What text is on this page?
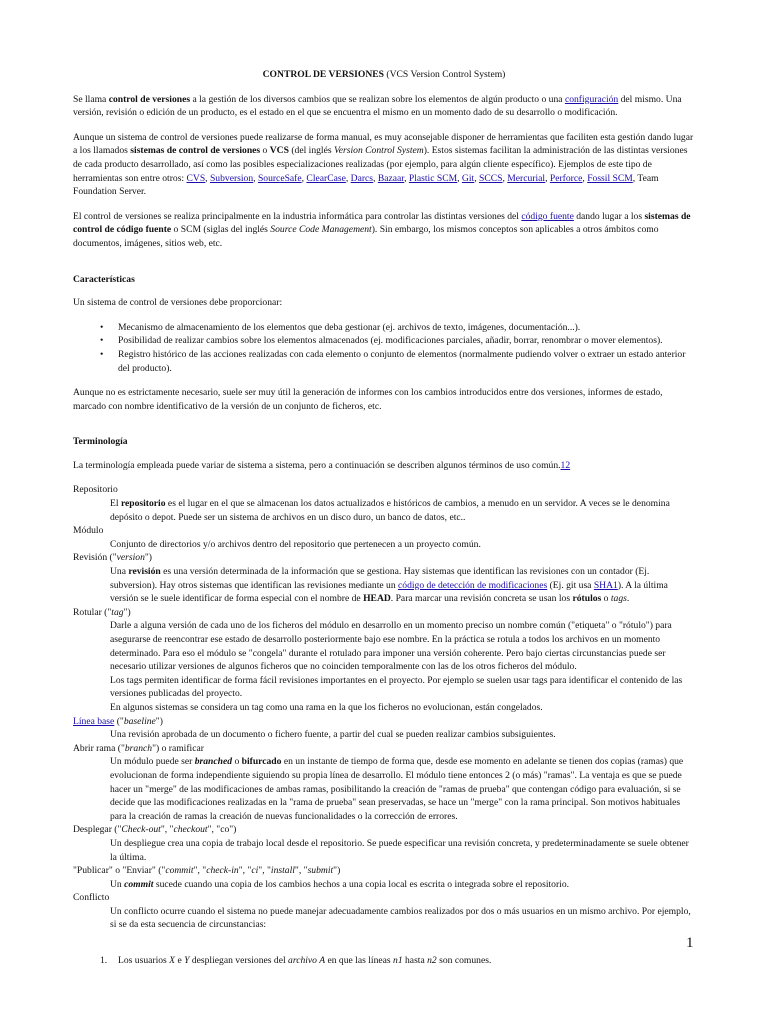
CONTROL DE VERSIONES (VCS Version Control System)

Se llama control de versiones a la gestión de los diversos cambios que se realizan sobre los elementos de algún producto o una configuración del mismo. Una versión, revisión o edición de un producto, es el estado en el que se encuentra el mismo en un momento dado de su desarrollo o modificación.

Aunque un sistema de control de versiones puede realizarse de forma manual, es muy aconsejable disponer de herramientas que faciliten esta gestión dando lugar a los llamados sistemas de control de versiones o VCS (del inglés Version Control System). Estos sistemas facilitan la administración de las distintas versiones de cada producto desarrollado, así como las posibles especializaciones realizadas (por ejemplo, para algún cliente específico). Ejemplos de este tipo de herramientas son entre otros: CVS, Subversion, SourceSafe, ClearCase, Darcs, Bazaar, Plastic SCM, Git, SCCS, Mercurial, Perforce, Fossil SCM, Team Foundation Server.

El control de versiones se realiza principalmente en la industria informática para controlar las distintas versiones del código fuente dando lugar a los sistemas de control de código fuente o SCM (siglas del inglés Source Code Management). Sin embargo, los mismos conceptos son aplicables a otros ámbitos como documentos, imágenes, sitios web, etc.

Características

Un sistema de control de versiones debe proporcionar:

• Mecanismo de almacenamiento de los elementos que deba gestionar (ej. archivos de texto, imágenes, documentación...).
• Posibilidad de realizar cambios sobre los elementos almacenados (ej. modificaciones parciales, añadir, borrar, renombrar o mover elementos).
• Registro histórico de las acciones realizadas con cada elemento o conjunto de elementos (normalmente pudiendo volver o extraer un estado anterior del producto).

Aunque no es estrictamente necesario, suele ser muy útil la generación de informes con los cambios introducidos entre dos versiones, informes de estado, marcado con nombre identificativo de la versión de un conjunto de ficheros, etc.

Terminología

La terminología empleada puede variar de sistema a sistema, pero a continuación se describen algunos términos de uso común.12

Repositorio
El repositorio es el lugar en el que se almacenan los datos actualizados e históricos de cambios, a menudo en un servidor. A veces se le denomina depósito o depot. Puede ser un sistema de archivos en un disco duro, un banco de datos, etc..
Módulo
Conjunto de directorios y/o archivos dentro del repositorio que pertenecen a un proyecto común.
Revisión ("version")
Una revisión es una versión determinada de la información que se gestiona. Hay sistemas que identifican las revisiones con un contador (Ej. subversion). Hay otros sistemas que identifican las revisiones mediante un código de detección de modificaciones (Ej. git usa SHA1). A la última versión se le suele identificar de forma especial con el nombre de HEAD. Para marcar una revisión concreta se usan los rótulos o tags.
Rotular ("tag")
Darle a alguna versión de cada uno de los ficheros del módulo en desarrollo en un momento preciso un nombre común ("etiqueta" o "rótulo") para asegurarse de reencontrar ese estado de desarrollo posteriormente bajo ese nombre. En la práctica se rotula a todos los archivos en un momento determinado. Para eso el módulo se "congela" durante el rotulado para imponer una versión coherente. Pero bajo ciertas circunstancias puede ser necesario utilizar versiones de algunos ficheros que no coinciden temporalmente con las de los otros ficheros del módulo.
Los tags permiten identificar de forma fácil revisiones importantes en el proyecto. Por ejemplo se suelen usar tags para identificar el contenido de las versiones publicadas del proyecto.
En algunos sistemas se considera un tag como una rama en la que los ficheros no evolucionan, están congelados.
Línea base ("baseline")
Una revisión aprobada de un documento o fichero fuente, a partir del cual se pueden realizar cambios subsiguientes.
Abrir rama ("branch") o ramificar
Un módulo puede ser branched o bifurcado en un instante de tiempo de forma que, desde ese momento en adelante se tienen dos copias (ramas) que evolucionan de forma independiente siguiendo su propia línea de desarrollo. El módulo tiene entonces 2 (o más) "ramas". La ventaja es que se puede hacer un "merge" de las modificaciones de ambas ramas, posibilitando la creación de "ramas de prueba" que contengan código para evaluación, si se decide que las modificaciones realizadas en la "rama de prueba" sean preservadas, se hace un "merge" con la rama principal. Son motivos habituales para la creación de ramas la creación de nuevas funcionalidades o la corrección de errores.
Desplegar ("Check-out", "checkout", "co")
Un despliegue crea una copia de trabajo local desde el repositorio. Se puede especificar una revisión concreta, y predeterminadamente se suele obtener la última.
"Publicar" o "Enviar" ("commit", "check-in", "ci", "install", "submit")
Un commit sucede cuando una copia de los cambios hechos a una copia local es escrita o integrada sobre el repositorio.
Conflicto
Un conflicto ocurre cuando el sistema no puede manejar adecuadamente cambios realizados por dos o más usuarios en un mismo archivo. Por ejemplo, si se da esta secuencia de circunstancias:
1. Los usuarios X e Y despliegan versiones del archivo A en que las líneas n1 hasta n2 son comunes.
1
